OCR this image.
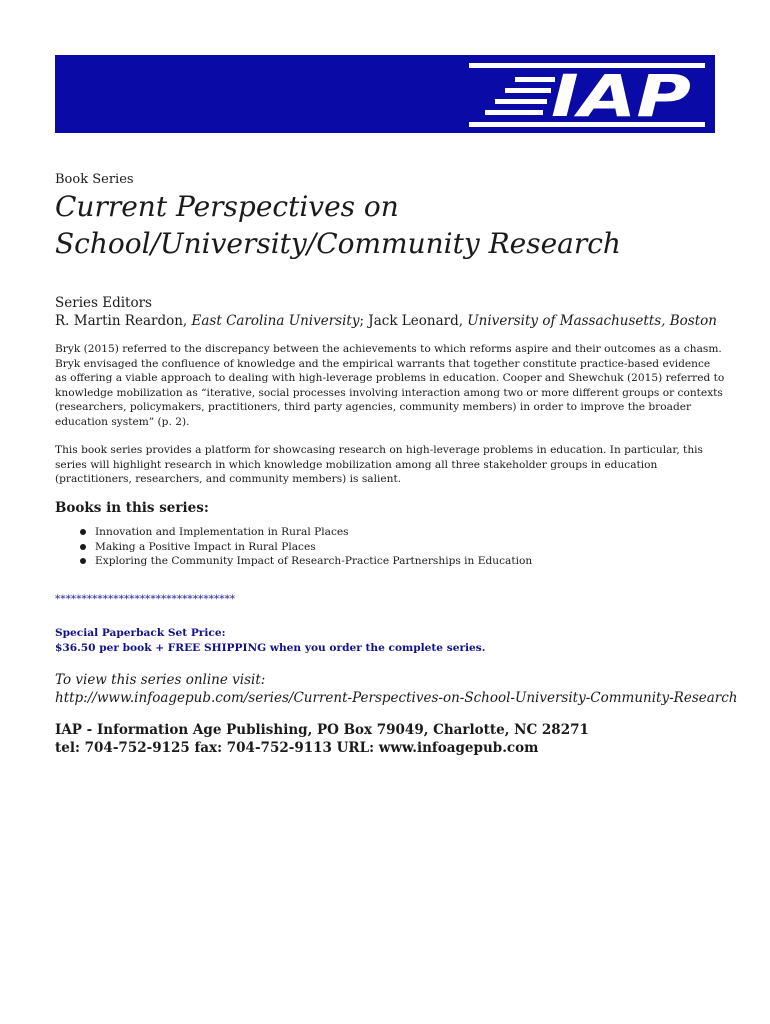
IAP
Book Series
Current Perspectives on
School/University/Community Research
Series Editors
R. Martin Reardon, East Carolina University; Jack Leonard, University of Massachusetts, Boston

Bryk (2015) referred to the discrepancy between the achievements to which reforms aspire and their outcomes as a chasm. Bryk envisaged the confluence of knowledge and the empirical warrants that together constitute practice-based evidence as offering a viable approach to dealing with high-leverage problems in education. Cooper and Shewchuk (2015) referred to knowledge mobilization as “iterative, social processes involving interaction among two or more different groups or contexts (researchers, policymakers, practitioners, third party agencies, community members) in order to improve the broader education system” (p. 2).

This book series provides a platform for showcasing research on high-leverage problems in education. In particular, this series will highlight research in which knowledge mobilization among all three stakeholder groups in education (practitioners, researchers, and community members) is salient.

Books in this series:
Innovation and Implementation in Rural Places
Making a Positive Impact in Rural Places
Exploring the Community Impact of Research-Practice Partnerships in Education
**********************************
Special Paperback Set Price:
$36.50 per book + FREE SHIPPING when you order the complete series.
To view this series online visit:
http://www.infoagepub.com/series/Current-Perspectives-on-School-University-Community-Research
IAP - Information Age Publishing, PO Box 79049, Charlotte, NC 28271
tel: 704-752-9125 fax: 704-752-9113 URL: www.infoagepub.com
